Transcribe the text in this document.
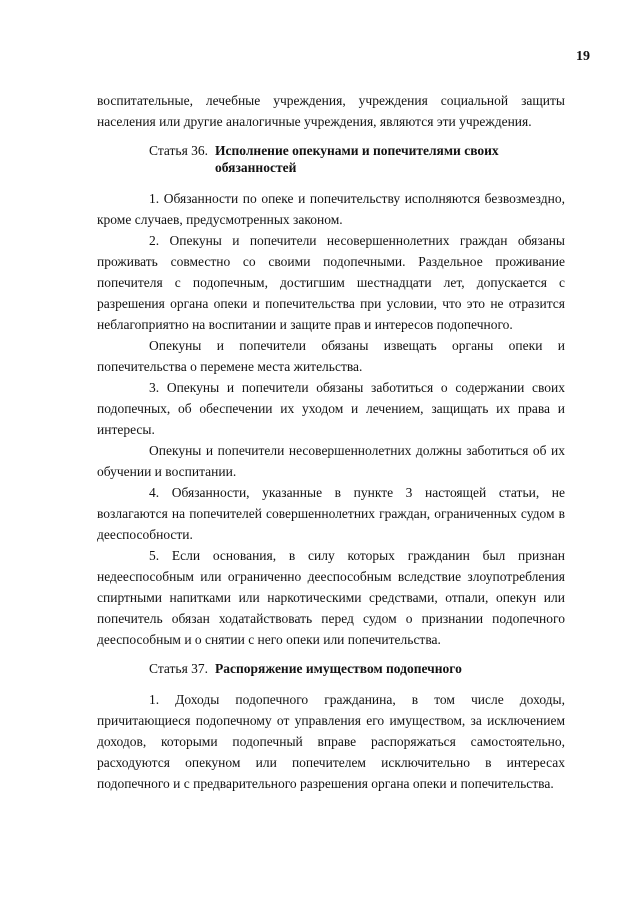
19

воспитательные, лечебные учреждения, учреждения социальной защиты населения или другие аналогичные учреждения, являются эти учреждения.

Статья 36. Исполнение опекунами и попечителями своих обязанностей

1. Обязанности по опеке и попечительству исполняются безвозмездно, кроме случаев, предусмотренных законом.

2. Опекуны и попечители несовершеннолетних граждан обязаны проживать совместно со своими подопечными. Раздельное проживание попечителя с подопечным, достигшим шестнадцати лет, допускается с разрешения органа опеки и попечительства при условии, что это не отразится неблагоприятно на воспитании и защите прав и интересов подопечного.

Опекуны и попечители обязаны извещать органы опеки и попечительства о перемене места жительства.

3. Опекуны и попечители обязаны заботиться о содержании своих подопечных, об обеспечении их уходом и лечением, защищать их права и интересы.

Опекуны и попечители несовершеннолетних должны заботиться об их обучении и воспитании.

4. Обязанности, указанные в пункте 3 настоящей статьи, не возлагаются на попечителей совершеннолетних граждан, ограниченных судом в дееспособности.

5. Если основания, в силу которых гражданин был признан недееспособным или ограниченно дееспособным вследствие злоупотребления спиртными напитками или наркотическими средствами, отпали, опекун или попечитель обязан ходатайствовать перед судом о признании подопечного дееспособным и о снятии с него опеки или попечительства.

Статья 37. Распоряжение имуществом подопечного

1. Доходы подопечного гражданина, в том числе доходы, причитающиеся подопечному от управления его имуществом, за исключением доходов, которыми подопечный вправе распоряжаться самостоятельно, расходуются опекуном или попечителем исключительно в интересах подопечного и с предварительного разрешения органа опеки и попечительства.
